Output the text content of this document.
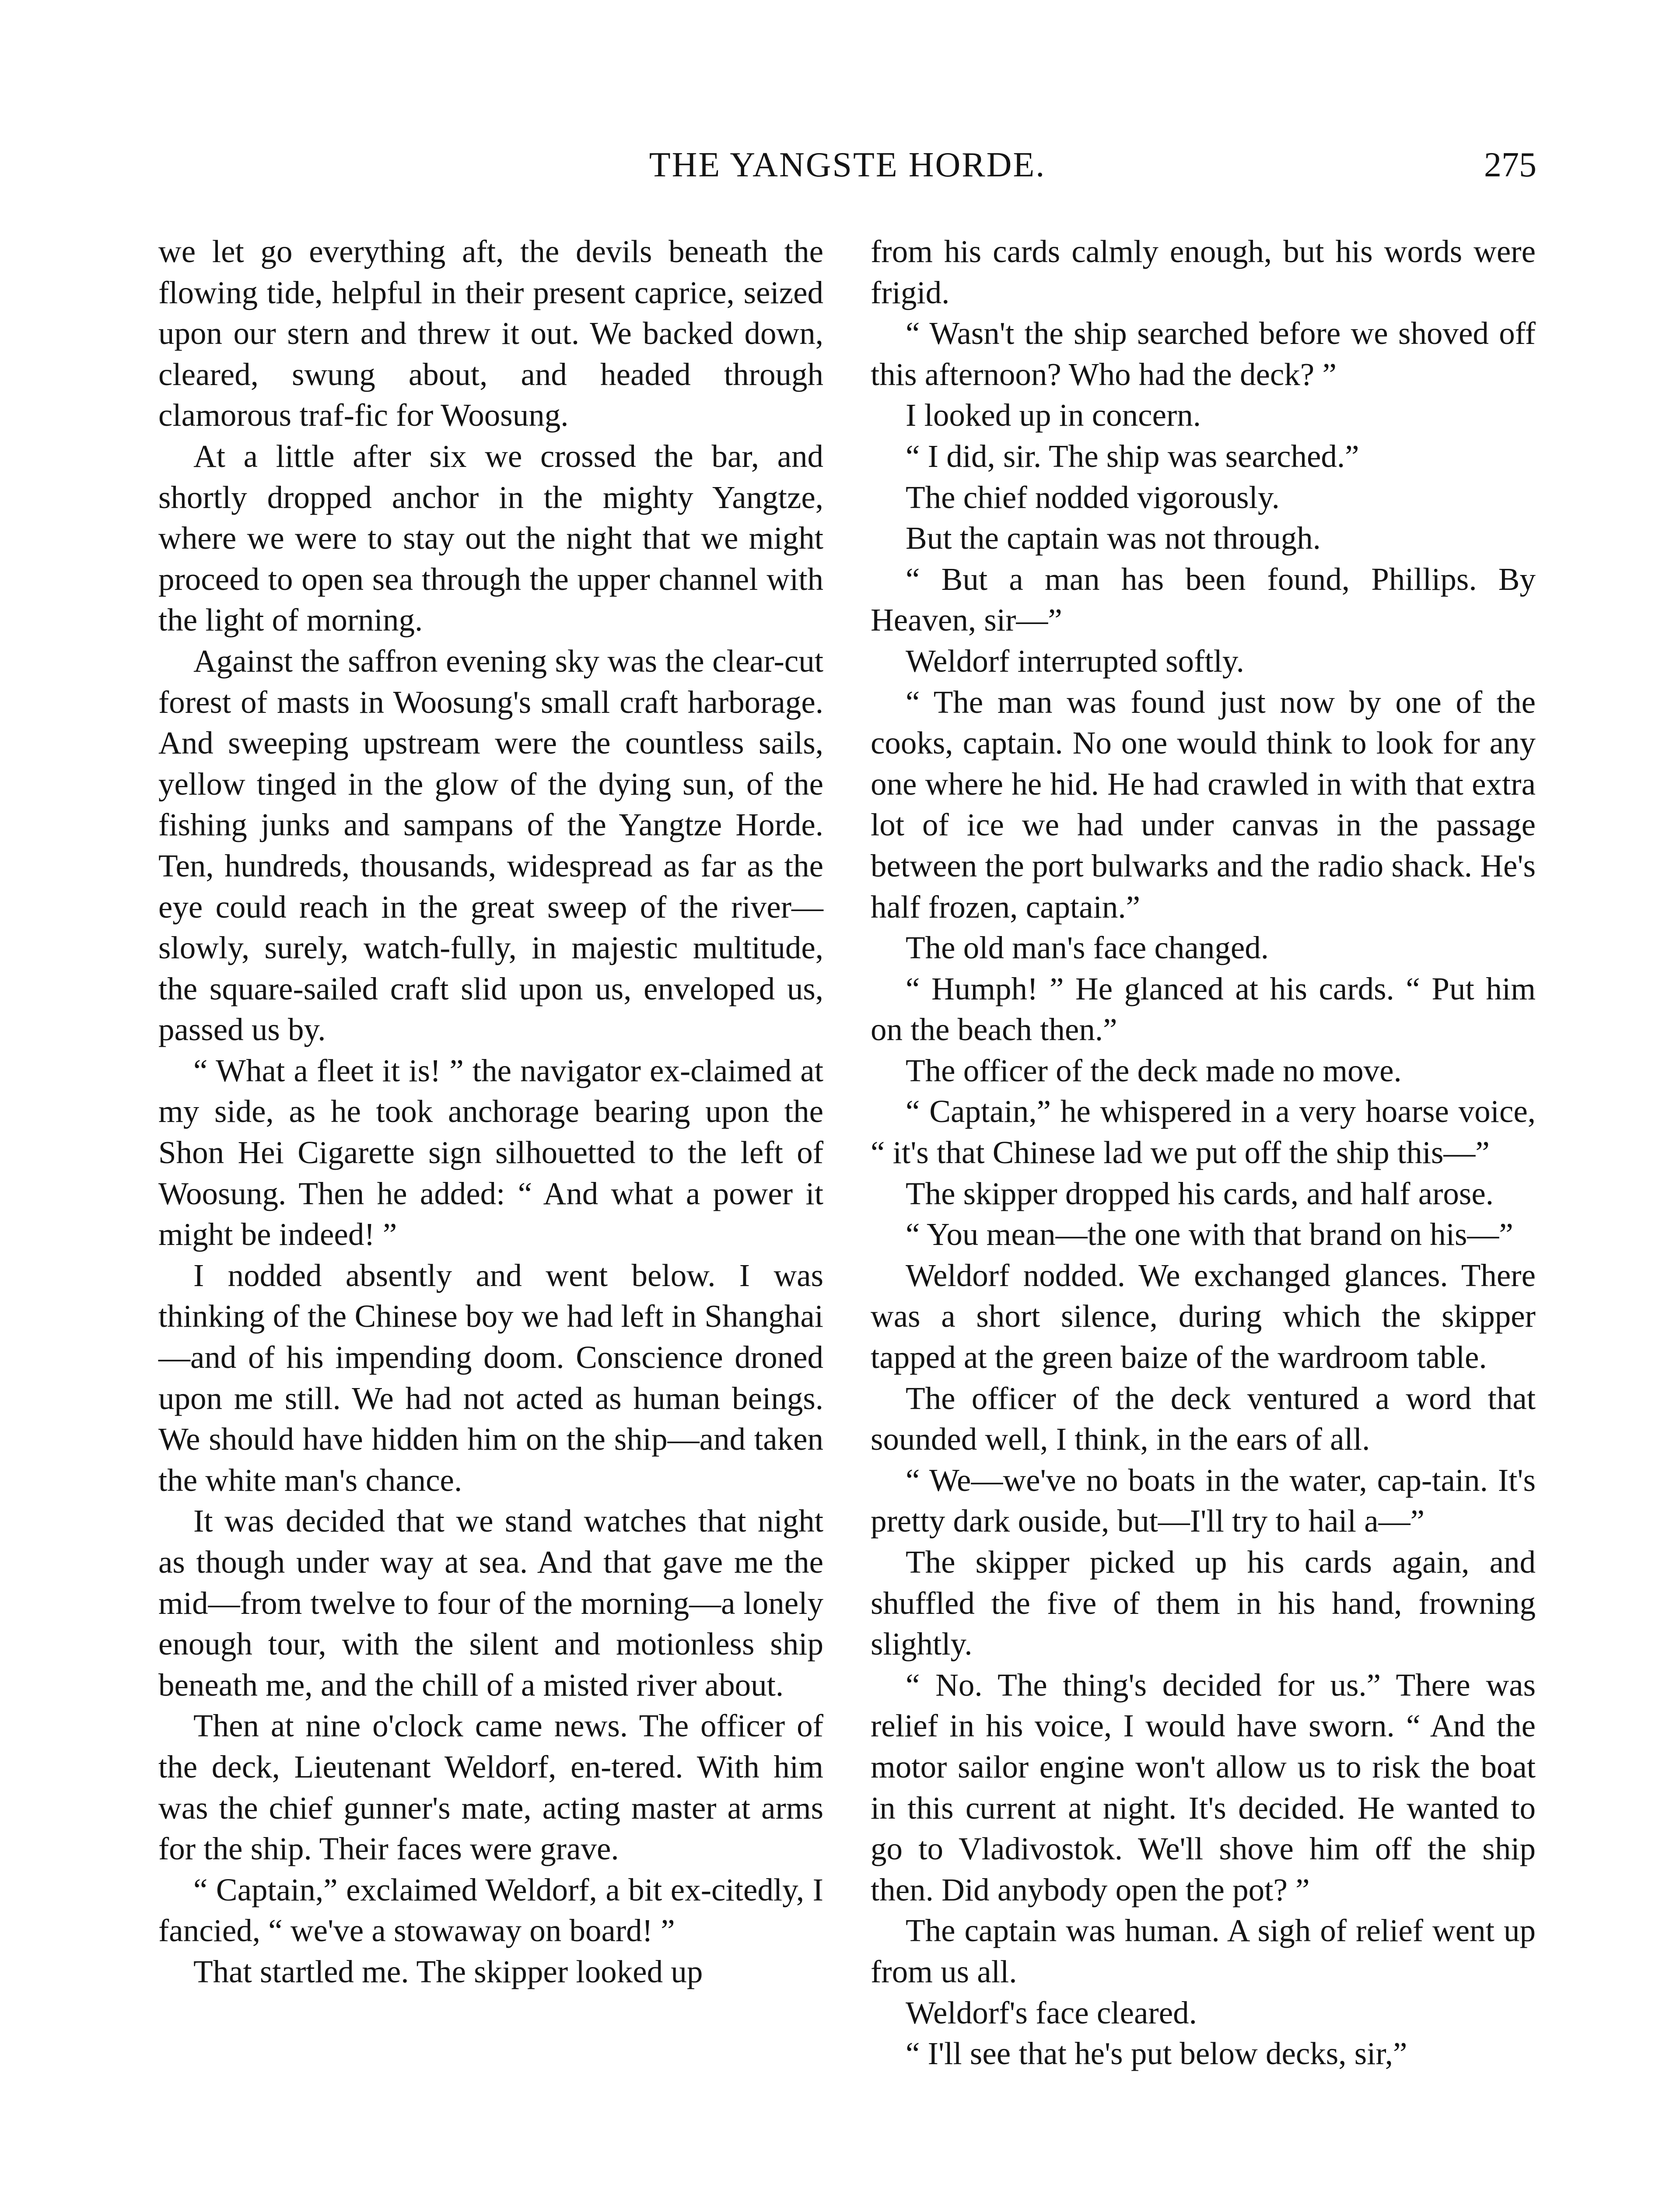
THE YANGSTE HORDE.	275

we let go everything aft, the devils beneath the flowing tide, helpful in their present caprice, seized upon our stern and threw it out. We backed down, cleared, swung about, and headed through clamorous traf-fic for Woosung.

At a little after six we crossed the bar, and shortly dropped anchor in the mighty Yangtze, where we were to stay out the night that we might proceed to open sea through the upper channel with the light of morning.

Against the saffron evening sky was the clear-cut forest of masts in Woosung's small craft harborage. And sweeping upstream were the countless sails, yellow tinged in the glow of the dying sun, of the fishing junks and sampans of the Yangtze Horde. Ten, hundreds, thousands, widespread as far as the eye could reach in the great sweep of the river—slowly, surely, watch-fully, in majestic multitude, the square-sailed craft slid upon us, enveloped us, passed us by.

“ What a fleet it is! ” the navigator ex-claimed at my side, as he took anchorage bearing upon the Shon Hei Cigarette sign silhouetted to the left of Woosung. Then he added: “ And what a power it might be indeed! ”

I nodded absently and went below. I was thinking of the Chinese boy we had left in Shanghai—and of his impending doom. Conscience droned upon me still. We had not acted as human beings. We should have hidden him on the ship—and taken the white man's chance.

It was decided that we stand watches that night as though under way at sea. And that gave me the mid—from twelve to four of the morning—a lonely enough tour, with the silent and motionless ship beneath me, and the chill of a misted river about.

Then at nine o'clock came news. The officer of the deck, Lieutenant Weldorf, en-tered. With him was the chief gunner's mate, acting master at arms for the ship. Their faces were grave.

“ Captain,” exclaimed Weldorf, a bit ex-citedly, I fancied, “ we've a stowaway on board! ”

That startled me. The skipper looked up

from his cards calmly enough, but his words were frigid.

“ Wasn't the ship searched before we shoved off this afternoon? Who had the deck? ”

I looked up in concern.

“ I did, sir. The ship was searched.”

The chief nodded vigorously.

But the captain was not through.

“ But a man has been found, Phillips. By Heaven, sir—”

Weldorf interrupted softly.

“ The man was found just now by one of the cooks, captain. No one would think to look for any one where he hid. He had crawled in with that extra lot of ice we had under canvas in the passage between the port bulwarks and the radio shack. He's half frozen, captain.”

The old man's face changed.

“ Humph! ” He glanced at his cards. “ Put him on the beach then.”

The officer of the deck made no move.

“ Captain,” he whispered in a very hoarse voice, “ it's that Chinese lad we put off the ship this—”

The skipper dropped his cards, and half arose.

“ You mean—the one with that brand on his—”

Weldorf nodded. We exchanged glances. There was a short silence, during which the skipper tapped at the green baize of the wardroom table.

The officer of the deck ventured a word that sounded well, I think, in the ears of all.

“ We—we've no boats in the water, cap-tain. It's pretty dark ouside, but—I'll try to hail a—”

The skipper picked up his cards again, and shuffled the five of them in his hand, frowning slightly.

“ No. The thing's decided for us.” There was relief in his voice, I would have sworn. “ And the motor sailor engine won't allow us to risk the boat in this current at night. It's decided. He wanted to go to Vladivostok. We'll shove him off the ship then. Did anybody open the pot? ”

The captain was human. A sigh of relief went up from us all.

Weldorf's face cleared.

“ I'll see that he's put below decks, sir,”
